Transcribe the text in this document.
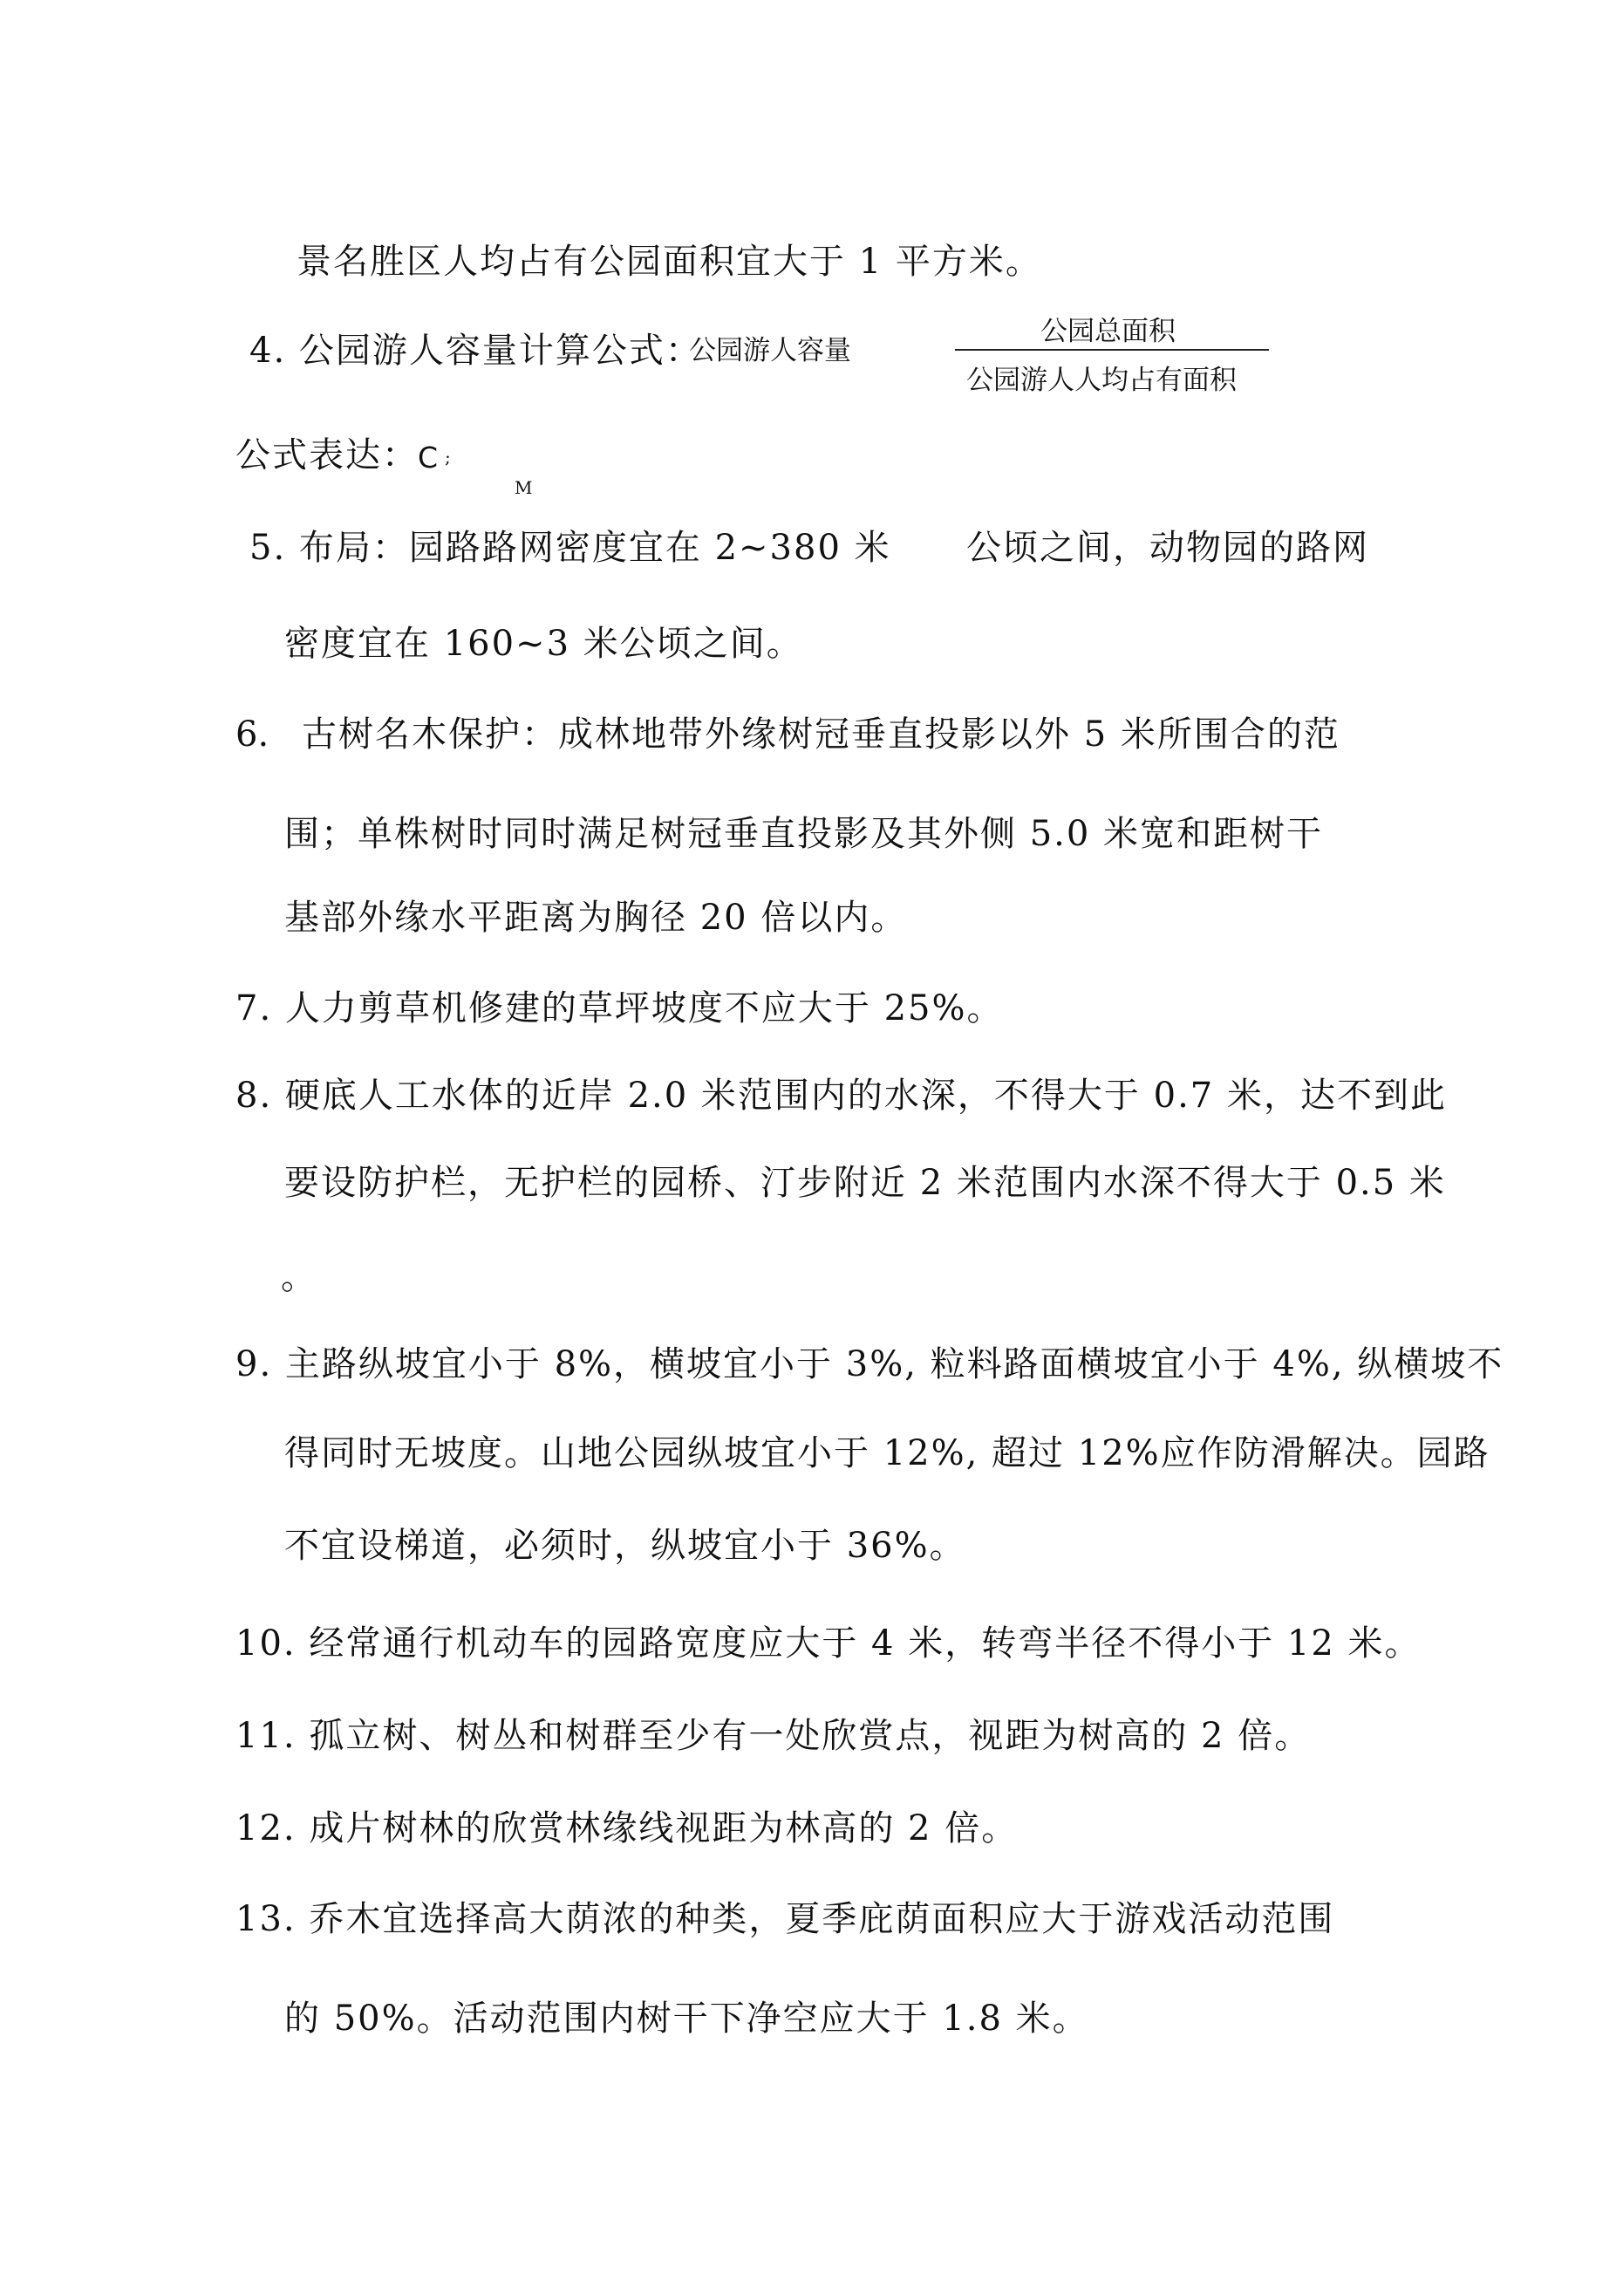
景名胜区人均占有公园面积宜大于 1 平方米。
4. 公园游人容量计算公式：
公园游人容量
公园总面积
公园游人人均占有面积
公式表达： C ;
M
5. 布局：园路路网密度宜在 2~380 米 公顷之间，动物园的路网
密度宜在 160~3 米公顷之间。
6. 古树名木保护：成林地带外缘树冠垂直投影以外 5 米所围合的范
围；单株树时同时满足树冠垂直投影及其外侧 5.0 米宽和距树干
基部外缘水平距离为胸径 20 倍以内。
7. 人力剪草机修建的草坪坡度不应大于 25%。
8. 硬底人工水体的近岸 2.0 米范围内的水深，不得大于 0.7 米，达不到此
要设防护栏，无护栏的园桥、汀步附近 2 米范围内水深不得大于 0.5 米
。
9. 主路纵坡宜小于 8%，横坡宜小于 3%, 粒料路面横坡宜小于 4%, 纵横坡不
得同时无坡度。山地公园纵坡宜小于 12%, 超过 12%应作防滑解决。园路
不宜设梯道，必须时，纵坡宜小于 36%。
10. 经常通行机动车的园路宽度应大于 4 米，转弯半径不得小于 12 米。
11. 孤立树、树丛和树群至少有一处欣赏点，视距为树高的 2 倍。
12. 成片树林的欣赏林缘线视距为林高的 2 倍。
13. 乔木宜选择高大荫浓的种类，夏季庇荫面积应大于游戏活动范围
的 50%。活动范围内树干下净空应大于 1.8 米。
